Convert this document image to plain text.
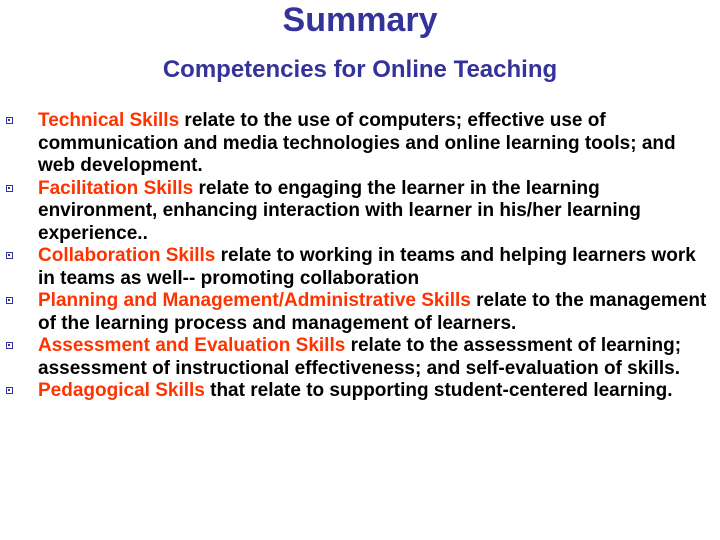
Summary
Competencies for Online Teaching
Technical Skills relate to the use of computers; effective use of communication and media technologies and online learning tools; and web development.
Facilitation Skills relate to engaging the learner in the learning environment, enhancing interaction with learner in his/her learning experience..
Collaboration Skills relate to working in teams and helping learners work in teams as well-- promoting collaboration
Planning and Management/Administrative Skills relate to the management of the learning process and management of learners.
Assessment and Evaluation Skills relate to the assessment of learning; assessment of instructional effectiveness; and self-evaluation of skills.
Pedagogical Skills that relate to supporting student-centered learning.
